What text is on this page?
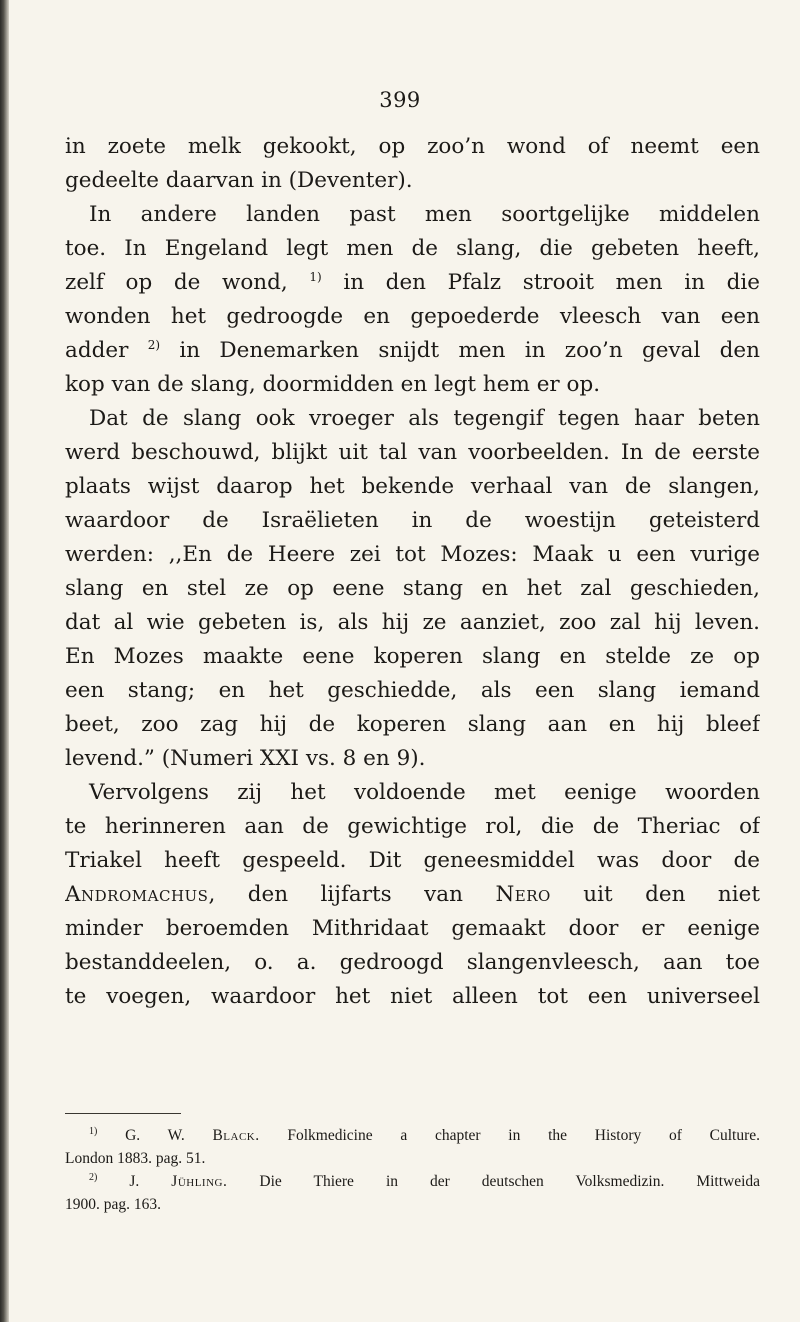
399
in zoete melk gekookt, op zoo’n wond of neemt een
gedeelte daarvan in (Deventer).
In andere landen past men soortgelijke middelen
toe. In Engeland legt men de slang, die gebeten heeft,
zelf op de wond, $^{1)}$ in den Pfalz strooit men in die
wonden het gedroogde en gepoederde vleesch van een
adder $^{2)}$ in Denemarken snijdt men in zoo’n geval den
kop van de slang, doormidden en legt hem er op.
Dat de slang ook vroeger als tegengif tegen haar beten
werd beschouwd, blijkt uit tal van voorbeelden. In de eerste
plaats wijst daarop het bekende verhaal van de slangen,
waardoor de Israëlieten in de woestijn geteisterd
werden: ,,En de Heere zei tot Mozes: Maak u een vurige
slang en stel ze op eene stang en het zal geschieden,
dat al wie gebeten is, als hij ze aanziet, zoo zal hij leven.
En Mozes maakte eene koperen slang en stelde ze op
een stang; en het geschiedde, als een slang iemand
beet, zoo zag hij de koperen slang aan en hij bleef
levend.” (Numeri XXI vs. 8 en 9).
Vervolgens zij het voldoende met eenige woorden
te herinneren aan de gewichtige rol, die de Theriac of
Triakel heeft gespeeld. Dit geneesmiddel was door de
Andromachus, den lijfarts van Nero uit den niet
minder beroemden Mithridaat gemaakt door er eenige
bestanddeelen, o. a. gedroogd slangenvleesch, aan toe
te voegen, waardoor het niet alleen tot een universeel
$^{1)}$ G. W. Black. Folkmedicine a chapter in the History of Culture.
London 1883. pag. 51.
$^{2)}$ J. Jühling. Die Thiere in der deutschen Volksmedizin. Mittweida
1900. pag. 163.
